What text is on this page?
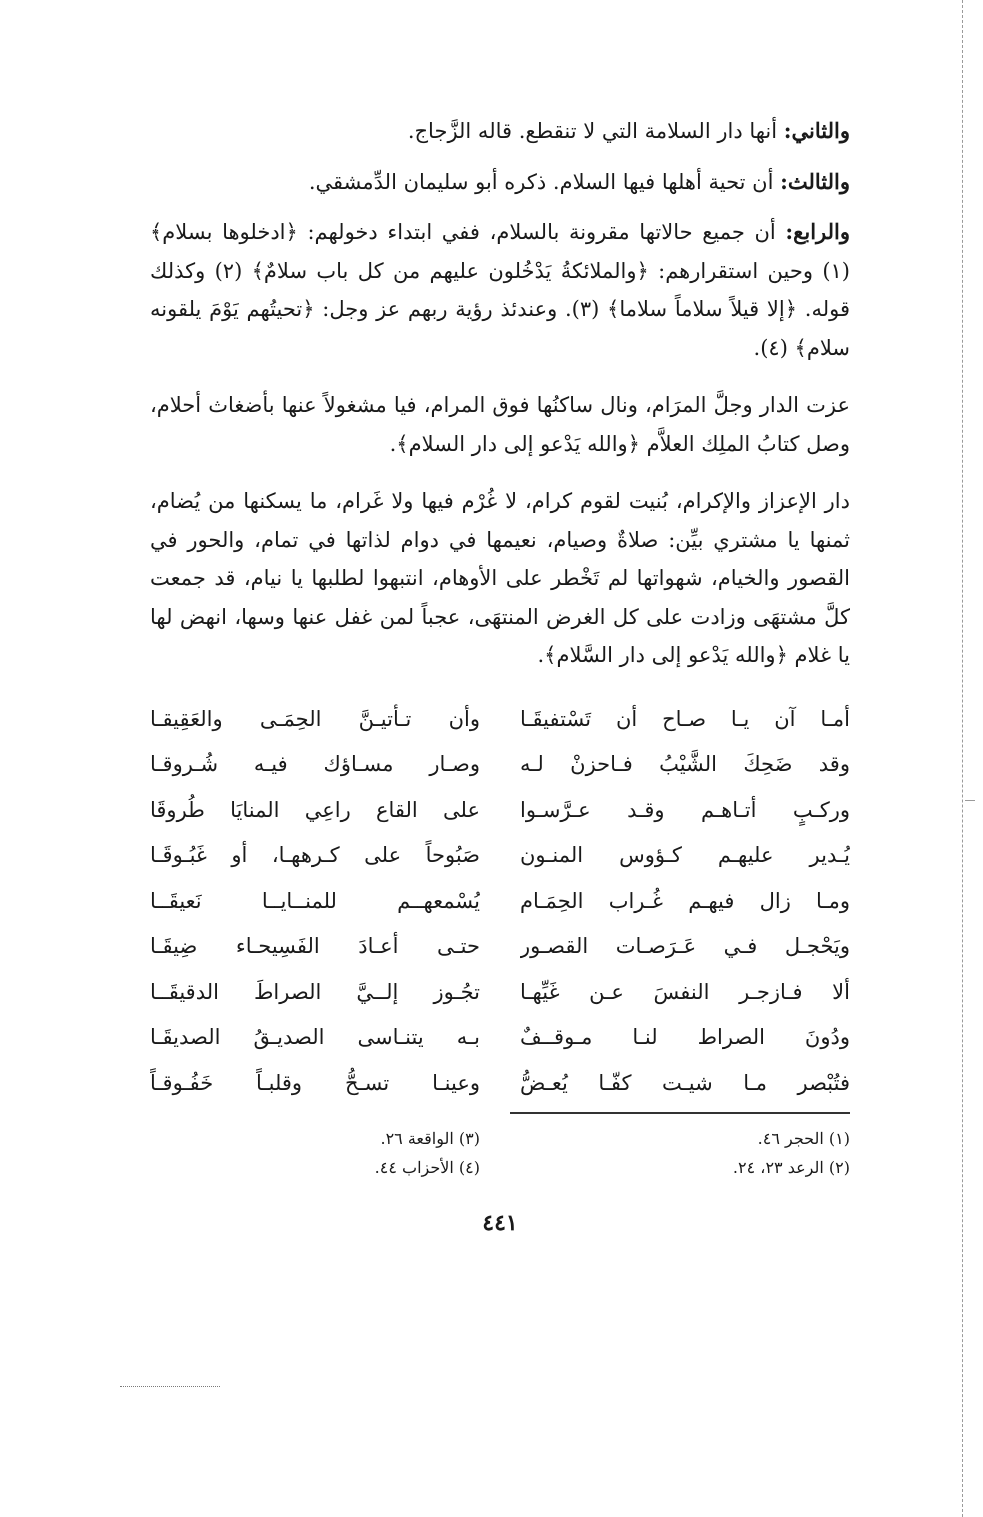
والثاني: أنها دار السلامة التي لا تنقطع. قاله الزَّجاج.

والثالث: أن تحية أهلها فيها السلام. ذكره أبو سليمان الدِّمشقي.

والرابع: أن جميع حالاتها مقرونة بالسلام، ففي ابتداء دخولهم: ﴿ادخلوها بسلام﴾ (١) وحين استقرارهم: ﴿والملائكةُ يَدْخُلون عليهم من كل باب سلامٌ﴾ (٢) وكذلك قوله. ﴿إلا قيلاً سلاماً سلاما﴾ (٣). وعندئذ رؤية ربهم عز وجل: ﴿تحيتُهم يَوْمَ يلقونه سلام﴾ (٤).

عزت الدار وجلَّ المرَام، ونال ساكنُها فوق المرام، فيا مشغولاً عنها بأضغاث أحلام، وصل كتابُ الملِك العلاَّم ﴿والله يَدْعو إلى دار السلام﴾.

دار الإعزاز والإكرام، بُنيت لقوم كرام، لا غُرْم فيها ولا غَرام، ما يسكنها من يُضام، ثمنها يا مشتري بيِّن: صلاةٌ وصيام، نعيمها في دوام لذاتها في تمام، والحور في القصور والخيام، شهواتها لم تَخْطر على الأوهام، انتبهوا لطلبها يا نيام، قد جمعت كلَّ مشتهَى وزادت على كل الغرض المنتهَى، عجباً لمن غفل عنها وسها، انهض لها يا غلام ﴿والله يَدْعو إلى دار السَّلام﴾.

أمـا آن يـا صـاح أن تَسْتفيقَـا
وأن تـأتيـنَّ الحِمَـى والعَقِيقـا
وقد ضَحِكَ الشَّيْبُ فـاحزنْ لـه
وصـار مسـاؤك فيـه شُـروقـا
وركـبٍ أتـاهـم وقـد عـرَّسـوا
على القاع راعِي المنايَا طُروقَا
يُـدير عليهـم كـؤوس المنـون
صَبُوحاً على كـرههـا، أو غَبُـوقَـا
ومـا زال فيهـم غُـراب الحِمَـام
يُسْمعهــم للمنــايــا نَعيقَــا
ويَحْجـل فـي عَـرَصـات القصـور
حتـى أعـادَ الفَسِيحـاء ضِيقَـا
ألا فـازجـر النفسَ عـن غَيِّهـا
تجُـوز إلــيَّ الصراطَ الدقيقَــا
ودُونَ الصراط لنـا مـوقــفٌ
بـه يتنـاسى الصديـقُ الصديقَـا
فتُبْصر مـا شيـت كفّـا يُعـضُّ
وعينـا تسـحُّ وقلبـاً خَفُـوقـاً
(١) الحجر ٤٦.
(٢) الرعد ٢٣، ٢٤.
(٣) الواقعة ٢٦.
(٤) الأحزاب ٤٤.
٤٤١
